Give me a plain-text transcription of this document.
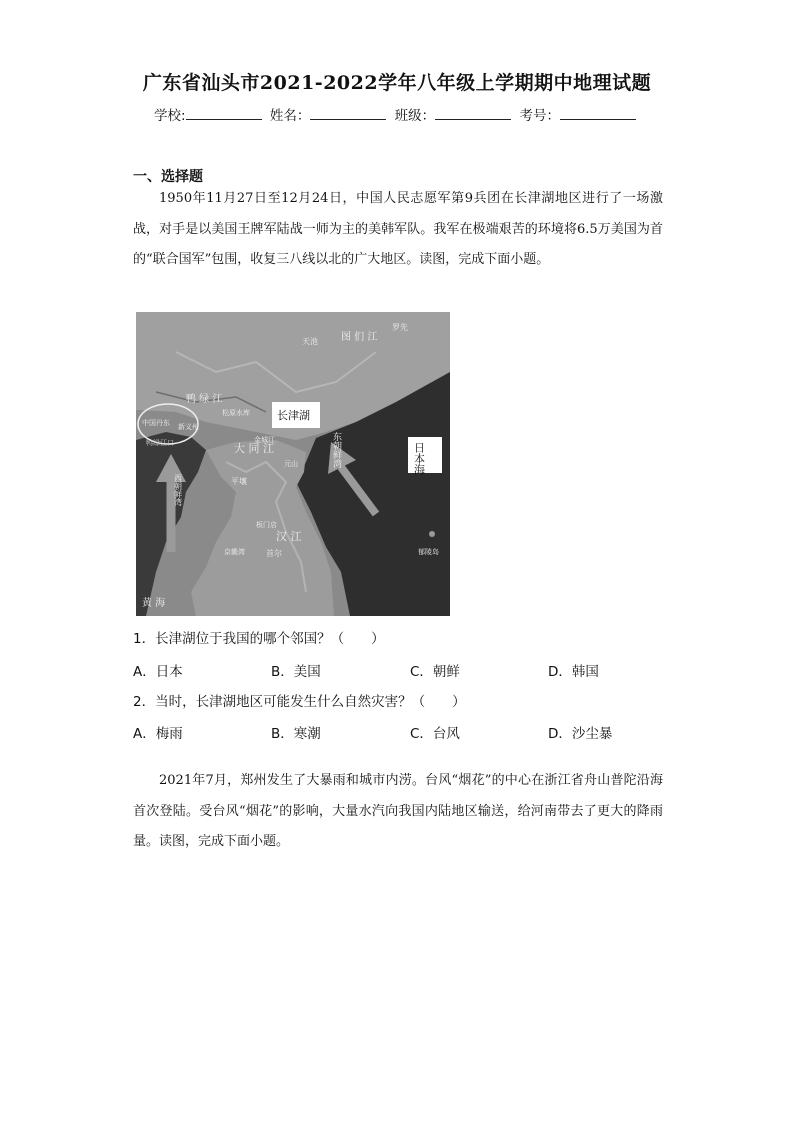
广东省汕头市2021-2022学年八年级上学期期中地理试题
学校:	姓名：	班级：	考号：
一、选择题
1950年11月27日至12月24日，中国人民志愿军第9兵团在长津湖地区进行了一场激战，对手是以美国王牌军陆战一师为主的美韩军队。我军在极端艰苦的环境将6.5万美国为首的“联合国军”包围，收复三八线以北的广大地区。读图，完成下面小题。
天池 图 们 江
罗先
鸭 绿 江
松原水库
中国丹东 新义州
鸭绿江口	大 同 江
金城江
平壤
西朝鲜湾
东朝鲜湾
元山
板门店
汉 江
首尔
京畿湾	郁陵岛
黄 海
长津湖
日本海
1．长津湖位于我国的哪个邻国？（　　）
A．日本	B．美国	C．朝鲜	D．韩国
2．当时，长津湖地区可能发生什么自然灾害？（　　）
A．梅雨	B．寒潮	C．台风	D．沙尘暴
2021年7月，郑州发生了大暴雨和城市内涝。台风“烟花”的中心在浙江省舟山普陀沿海首次登陆。受台风“烟花”的影响，大量水汽向我国内陆地区输送，给河南带去了更大的降雨量。读图，完成下面小题。
